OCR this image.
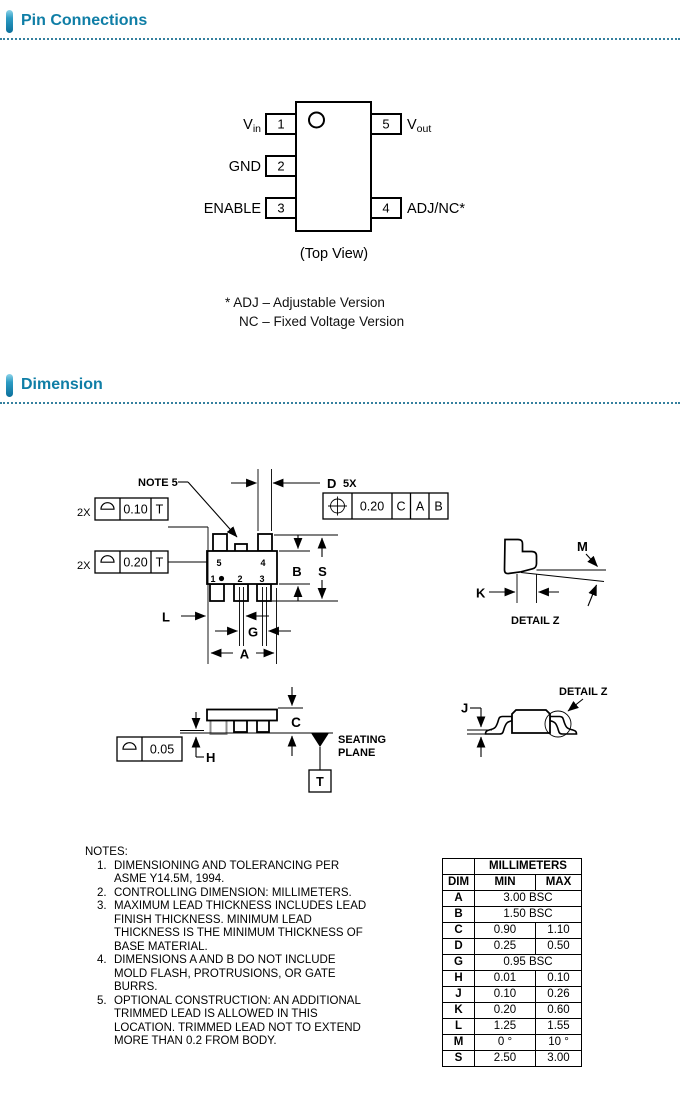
Pin Connections
1
2
3
5
4
$V_{in}$
GND
ENABLE
$V_{out}$
ADJ/NC*
(Top View)
* ADJ – Adjustable Version
NC – Fixed Voltage Version
Dimension
5	4
1 2 3
NOTE 5	D 5X
0.20 C A B
2X	0.10 T
2X	0.20 T
B S
L
G
A
M
K
DETAIL Z
H
0.05
C
T
SEATING
PLANE
DETAIL Z
J
NOTES:
1. DIMENSIONING AND TOLERANCING PER ASME Y14.5M, 1994.
2. CONTROLLING DIMENSION: MILLIMETERS.
3. MAXIMUM LEAD THICKNESS INCLUDES LEAD FINISH THICKNESS. MINIMUM LEAD THICKNESS IS THE MINIMUM THICKNESS OF BASE MATERIAL.
4. DIMENSIONS A AND B DO NOT INCLUDE MOLD FLASH, PROTRUSIONS, OR GATE BURRS.
5. OPTIONAL CONSTRUCTION: AN ADDITIONAL TRIMMED LEAD IS ALLOWED IN THIS LOCATION. TRIMMED LEAD NOT TO EXTEND MORE THAN 0.2 FROM BODY.
	MILLIMETERS	
DIM	MIN	MAX
A	3.00 BSC	
B	1.50 BSC	
C	0.90	1.10
D	0.25	0.50
G	0.95 BSC	
H	0.01	0.10
J	0.10	0.26
K	0.20	0.60
L	1.25	1.55
M	0 °	10 °
S	2.50	3.00
